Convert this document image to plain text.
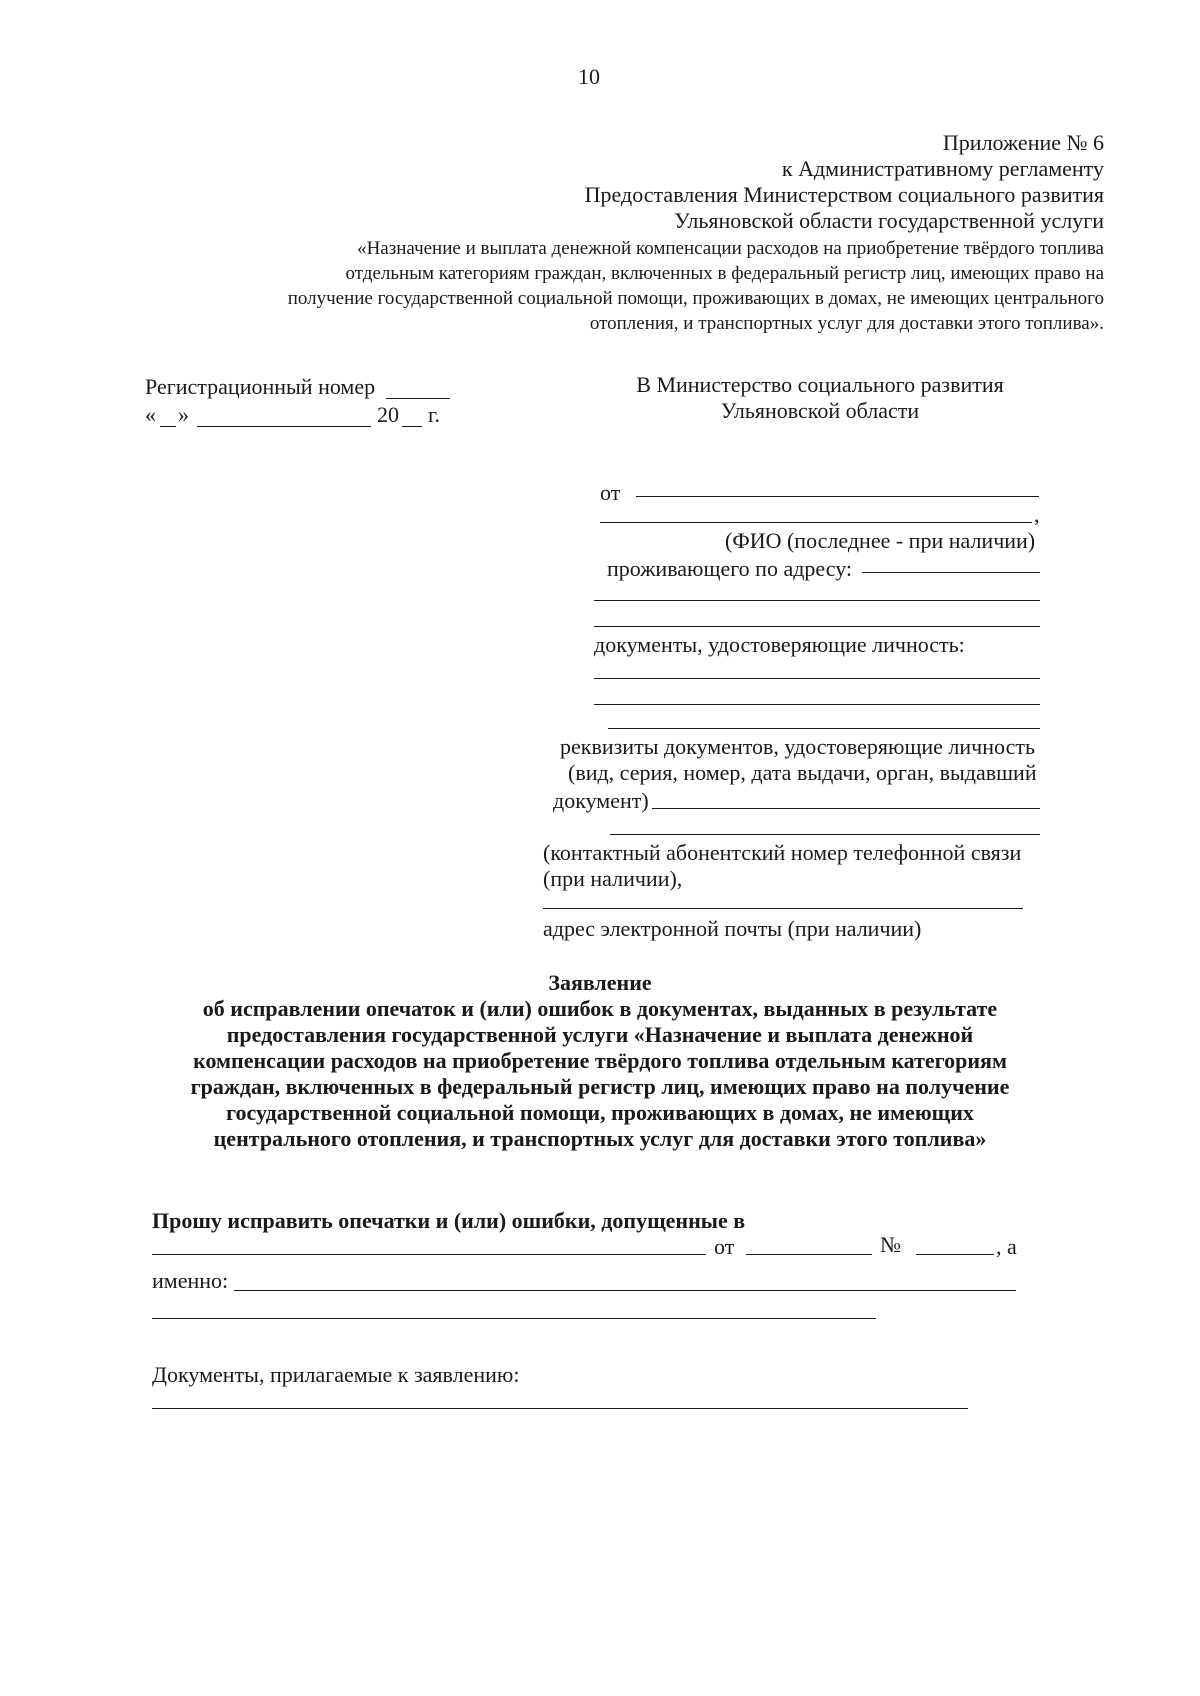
10
Приложение № 6
к Административному регламенту
Предоставления Министерством социального развития
Ульяновской области государственной услуги
«Назначение и выплата денежной компенсации расходов на приобретение твёрдого топлива
отдельным категориям граждан, включенных в федеральный регистр лиц, имеющих право на
получение государственной социальной помощи, проживающих в домах, не имеющих центрального
отопления, и транспортных услуг для доставки этого топлива».
Регистрационный номер
« »	20 г.
В Министерство социального развития
Ульяновской области
от
,
(ФИО (последнее - при наличии)
проживающего по адресу:
документы, удостоверяющие личность:
реквизиты документов, удостоверяющие личность
(вид, серия, номер, дата выдачи, орган, выдавший
документ)
(контактный абонентский номер телефонной связи
(при наличии),
адрес электронной почты (при наличии)
Заявление
об исправлении опечаток и (или) ошибок в документах, выданных в результате
предоставления государственной услуги «Назначение и выплата денежной
компенсации расходов на приобретение твёрдого топлива отдельным категориям
граждан, включенных в федеральный регистр лиц, имеющих право на получение
государственной социальной помощи, проживающих в домах, не имеющих
центрального отопления, и транспортных услуг для доставки этого топлива»
Прошу исправить опечатки и (или) ошибки, допущенные в
от	№	, а
именно:
Документы, прилагаемые к заявлению:
